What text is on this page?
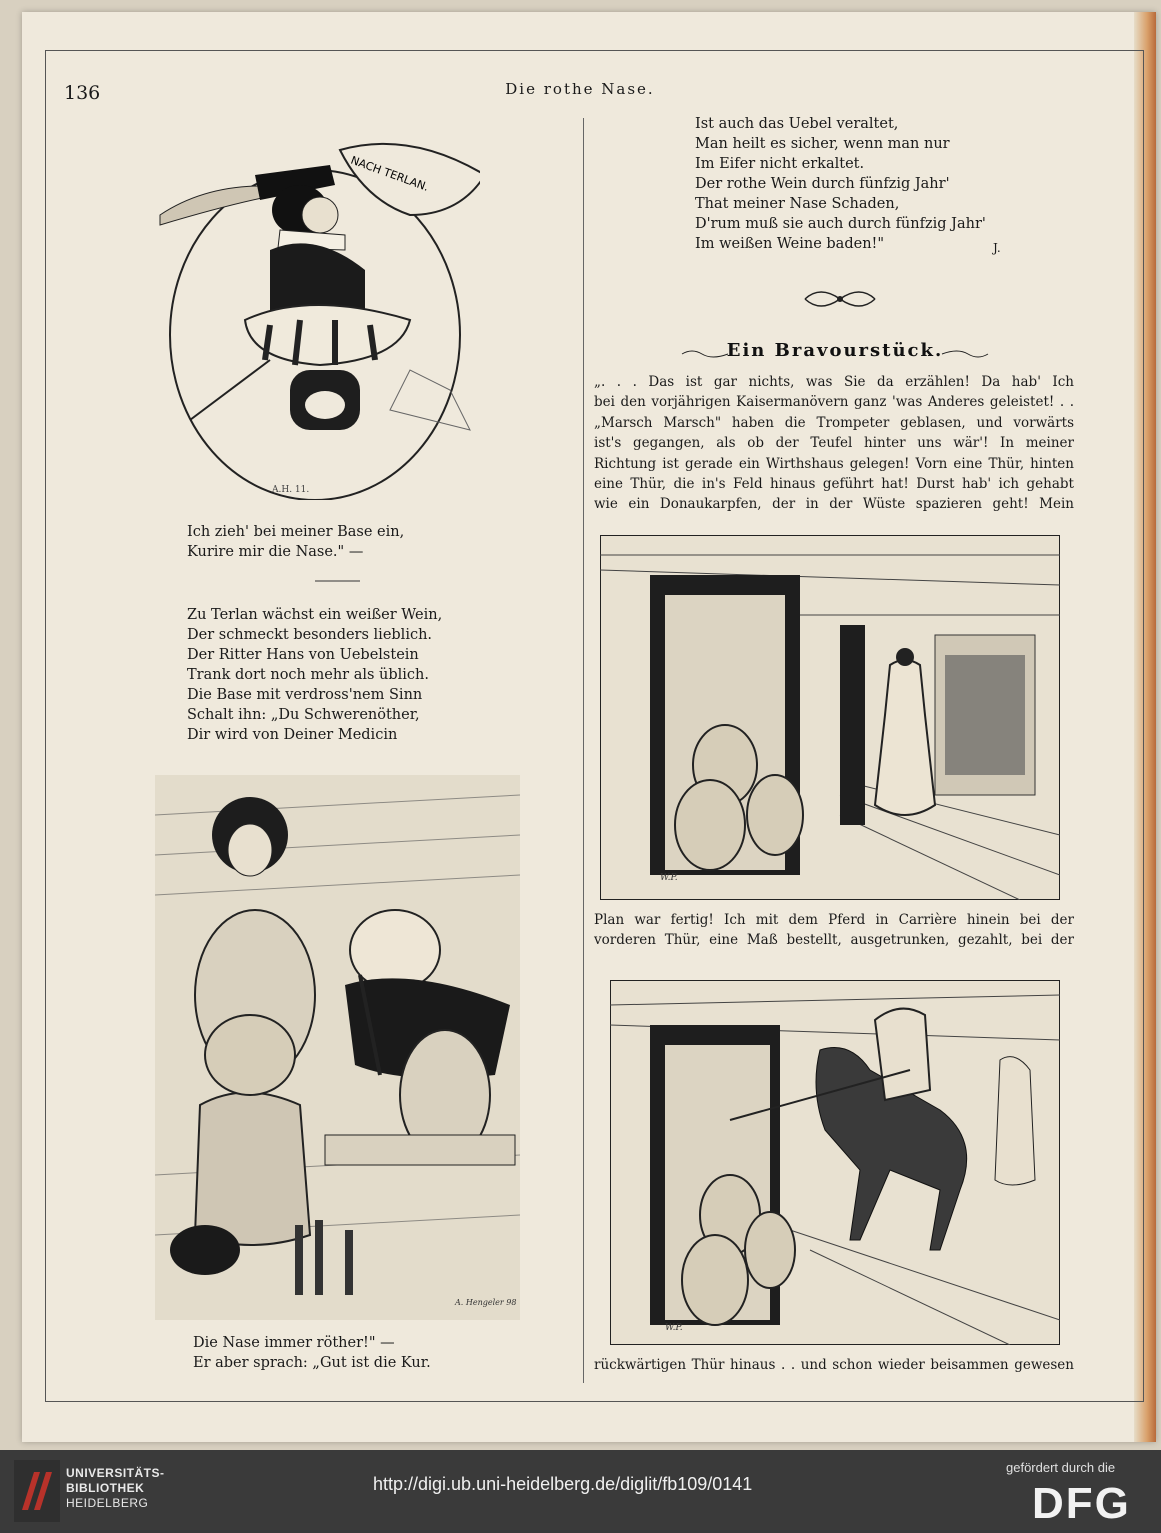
136	Die rothe Nase.
NACH TERLAN.
A.H. 11.
Ich zieh' bei meiner Base ein,
Kurire mir die Nase." —
Zu Terlan wächst ein weißer Wein,
Der schmeckt besonders lieblich.
Der Ritter Hans von Uebelstein
Trank dort noch mehr als üblich.
Die Base mit verdross'nem Sinn
Schalt ihn: „Du Schwerenöther,
Dir wird von Deiner Medicin
A. Hengeler 98
Die Nase immer röther!" —
Er aber sprach: „Gut ist die Kur.
Ist auch das Uebel veraltet,
Man heilt es sicher, wenn man nur
Im Eifer nicht erkaltet.
Der rothe Wein durch fünfzig Jahr'
That meiner Nase Schaden,
D'rum muß sie auch durch fünfzig Jahr'
Im weißen Weine baden!"	J.
Ein Bravourstück.
„. . . Das ist gar nichts, was Sie da erzählen! Da hab' Ich
bei den vorjährigen Kaisermanövern ganz 'was Anderes geleistet! . .
„Marsch Marsch" haben die Trompeter geblasen, und vorwärts
ist's gegangen, als ob der Teufel hinter uns wär'! In meiner
Richtung ist gerade ein Wirthshaus gelegen! Vorn eine Thür, hinten
eine Thür, die in's Feld hinaus geführt hat! Durst hab' ich gehabt
wie ein Donaukarpfen, der in der Wüste spazieren geht! Mein
W.P.
Plan war fertig! Ich mit dem Pferd in Carrière hinein bei der
vorderen Thür, eine Maß bestellt, ausgetrunken, gezahlt, bei der
W.P.
rückwärtigen Thür hinaus . . und schon wieder beisammen gewesen
UNIVERSITÄTS-
BIBLIOTHEK
HEIDELBERG
http://digi.ub.uni-heidelberg.de/diglit/fb109/0141
gefördert durch die
DFG
